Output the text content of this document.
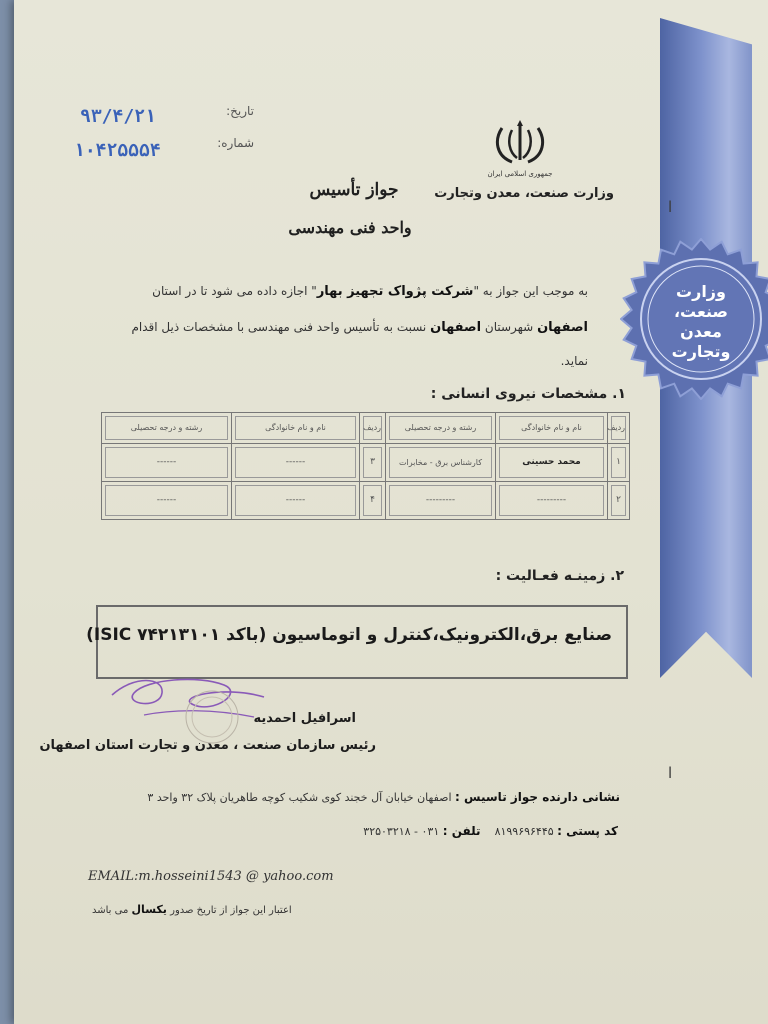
وزارت
صنعت، معدن
وتجارت
ا
ا
جمهوری اسلامی ایران
وزارت صنعت، معدن وتجارت
تاریخ:
۹۳/۴/۲۱
شماره:
۱۰۴۲۵۵۵۴
جواز تأسیس
واحد فنی مهندسی
به موجب این جواز به "شرکت پژواک تجهیز بهار" اجازه داده می شود تا در استان
اصفهان شهرستان اصفهان نسبت به تأسیس واحد فنی مهندسی با مشخصات ذیل اقدام
نماید.
۱. مشخصات نیروی انسانی :
ردیف	نام و نام خانوادگی	رشته و درجه تحصیلی	ردیف	نام و نام خانوادگی	رشته و درجه تحصیلی

۱	محمد حسینی	کارشناس برق - مخابرات	۳	------	------

۲	---------	---------	۴	------	------
۲. زمینـه فعـالیت :
صنایع برق،الکترونیک،کنترل و اتوماسیون (باکد ISIC ۷۴۲۱۳۱۰۱)
اسرافیل احمدیه
رئیس سازمان صنعت ، معدن و تجارت استان اصفهان
نشانی دارنده جواز تاسیس : اصفهان خیابان آل خجند کوی شکیب کوچه طاهریان پلاک ۳۲ واحد ۳
کد پستی : ۸۱۹۹۶۹۶۴۴۵    تلفن : ۰۳۱ - ۳۲۵۰۳۲۱۸
EMAIL:m.hosseini1543 @ yahoo.com
اعتبار این جواز از تاریخ صدور یکسال می باشد
